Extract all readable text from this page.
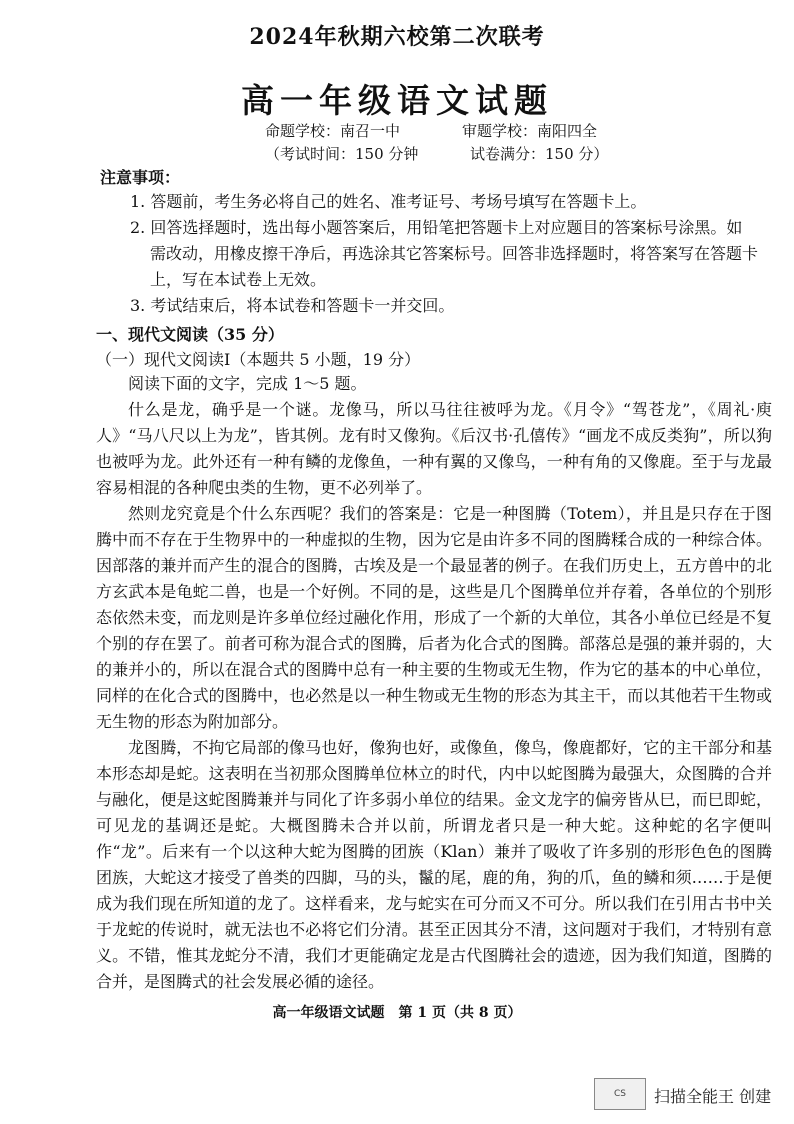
2024年秋期六校第二次联考
高一年级语文试题
命题学校：南召一中	审题学校：南阳四全
（考试时间：150 分钟	试卷满分：150 分）
注意事项：
1. 答题前，考生务必将自己的姓名、准考证号、考场号填写在答题卡上。
2. 回答选择题时，选出每小题答案后，用铅笔把答题卡上对应题目的答案标号涂黑。如
需改动，用橡皮擦干净后，再选涂其它答案标号。回答非选择题时，将答案写在答题卡
上，写在本试卷上无效。
3. 考试结束后，将本试卷和答题卡一并交回。
一、现代文阅读（35 分）
（一）现代文阅读Ⅰ（本题共 5 小题，19 分）

阅读下面的文字，完成 1～5 题。

什么是龙，确乎是一个谜。龙像马，所以马往往被呼为龙。《月令》“驾苍龙”，《周礼·庾人》“马八尺以上为龙”，皆其例。龙有时又像狗。《后汉书·孔僖传》“画龙不成反类狗”，所以狗也被呼为龙。此外还有一种有鳞的龙像鱼，一种有翼的又像鸟，一种有角的又像鹿。至于与龙最容易相混的各种爬虫类的生物，更不必列举了。

然则龙究竟是个什么东西呢？我们的答案是：它是一种图腾（Totem），并且是只存在于图腾中而不存在于生物界中的一种虚拟的生物，因为它是由许多不同的图腾糅合成的一种综合体。因部落的兼并而产生的混合的图腾，古埃及是一个最显著的例子。在我们历史上，五方兽中的北方玄武本是龟蛇二兽，也是一个好例。不同的是，这些是几个图腾单位并存着，各单位的个别形态依然未变，而龙则是许多单位经过融化作用，形成了一个新的大单位，其各小单位已经是不复个别的存在罢了。前者可称为混合式的图腾，后者为化合式的图腾。部落总是强的兼并弱的，大的兼并小的，所以在混合式的图腾中总有一种主要的生物或无生物，作为它的基本的中心单位，同样的在化合式的图腾中，也必然是以一种生物或无生物的形态为其主干，而以其他若干生物或无生物的形态为附加部分。

龙图腾，不拘它局部的像马也好，像狗也好，或像鱼，像鸟，像鹿都好，它的主干部分和基本形态却是蛇。这表明在当初那众图腾单位林立的时代，内中以蛇图腾为最强大，众图腾的合并与融化，便是这蛇图腾兼并与同化了许多弱小单位的结果。金文龙字的偏旁皆从巳，而巳即蛇，可见龙的基调还是蛇。大概图腾未合并以前，所谓龙者只是一种大蛇。这种蛇的名字便叫作“龙”。后来有一个以这种大蛇为图腾的团族（Klan）兼并了吸收了许多别的形形色色的图腾团族，大蛇这才接受了兽类的四脚，马的头，鬣的尾，鹿的角，狗的爪，鱼的鳞和须……于是便成为我们现在所知道的龙了。这样看来，龙与蛇实在可分而又不可分。所以我们在引用古书中关于龙蛇的传说时，就无法也不必将它们分清。甚至正因其分不清，这问题对于我们，才特别有意义。不错，惟其龙蛇分不清，我们才更能确定龙是古代图腾社会的遗迹，因为我们知道，图腾的合并，是图腾式的社会发展必循的途径。

高一年级语文试题　第 1 页（共 8 页）
CS	扫描全能王 创建
